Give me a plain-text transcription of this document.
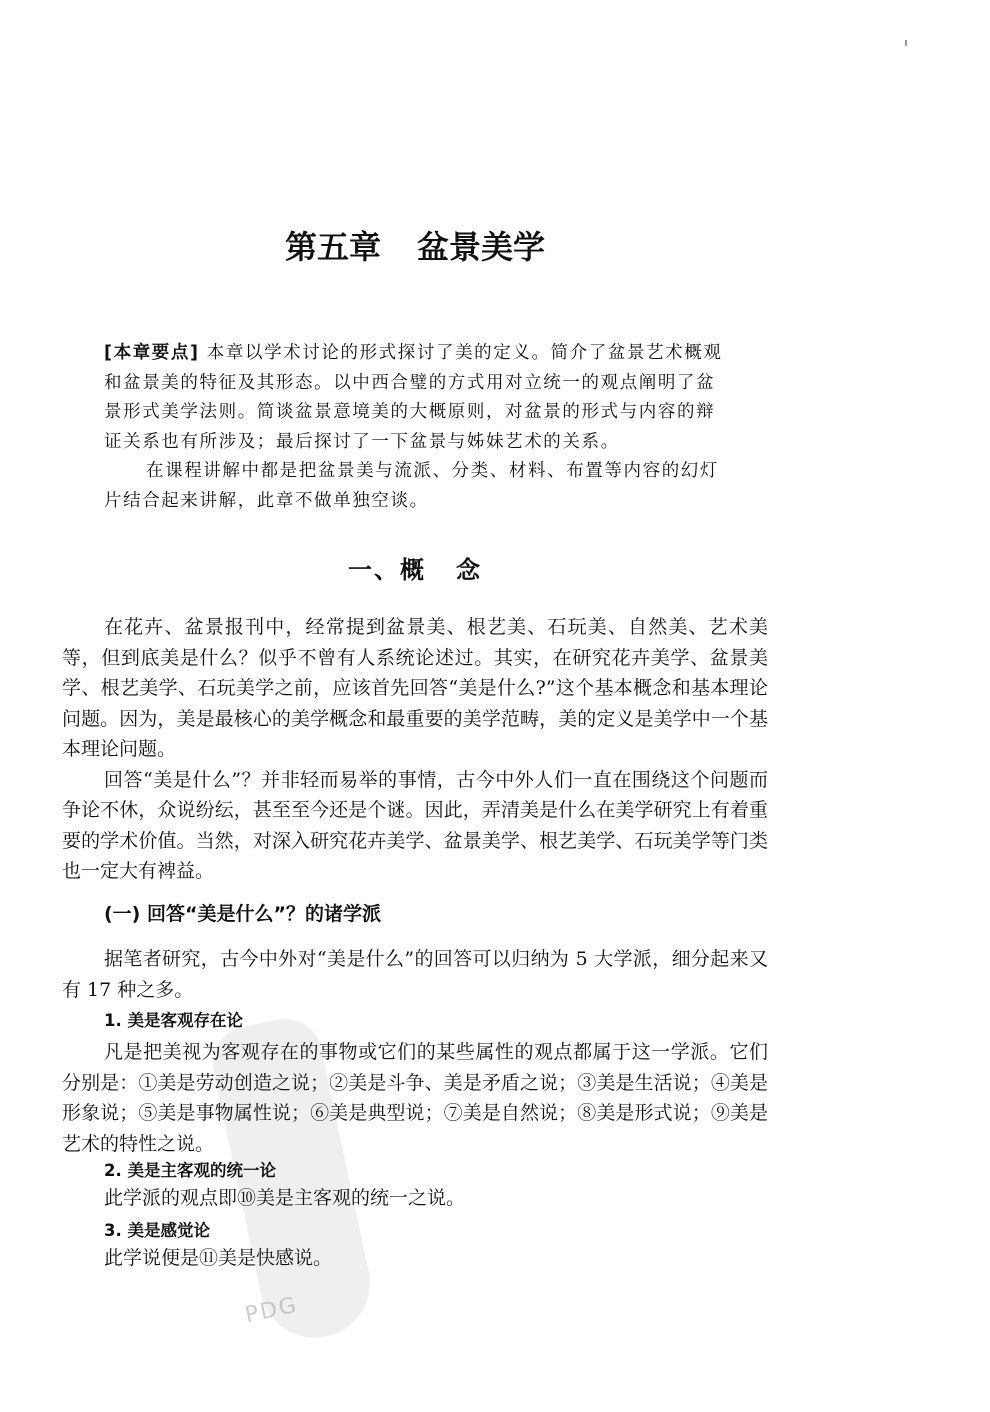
PDG
第五章 盆景美学

[本章要点] 本章以学术讨论的形式探讨了美的定义。简介了盆景艺术概观和盆景美的特征及其形态。以中西合璧的方式用对立统一的观点阐明了盆景形式美学法则。简谈盆景意境美的大概原则，对盆景的形式与内容的辩证关系也有所涉及；最后探讨了一下盆景与姊妹艺术的关系。

在课程讲解中都是把盆景美与流派、分类、材料、布置等内容的幻灯片结合起来讲解，此章不做单独空谈。

一、概 念

在花卉、盆景报刊中，经常提到盆景美、根艺美、石玩美、自然美、艺术美等，但到底美是什么？似乎不曾有人系统论述过。其实，在研究花卉美学、盆景美学、根艺美学、石玩美学之前，应该首先回答“美是什么?”这个基本概念和基本理论问题。因为，美是最核心的美学概念和最重要的美学范畴，美的定义是美学中一个基本理论问题。

回答“美是什么”？并非轻而易举的事情，古今中外人们一直在围绕这个问题而争论不休，众说纷纭，甚至至今还是个谜。因此，弄清美是什么在美学研究上有着重要的学术价值。当然，对深入研究花卉美学、盆景美学、根艺美学、石玩美学等门类也一定大有裨益。

(一) 回答“美是什么”？的诸学派

据笔者研究，古今中外对“美是什么”的回答可以归纳为 5 大学派，细分起来又有 17 种之多。

1. 美是客观存在论

凡是把美视为客观存在的事物或它们的某些属性的观点都属于这一学派。它们分别是：①美是劳动创造之说；②美是斗争、美是矛盾之说；③美是生活说；④美是形象说；⑤美是事物属性说；⑥美是典型说；⑦美是自然说；⑧美是形式说；⑨美是艺术的特性之说。

2. 美是主客观的统一论

此学派的观点即⑩美是主客观的统一之说。

3. 美是感觉论

此学说便是⑪美是快感说。
